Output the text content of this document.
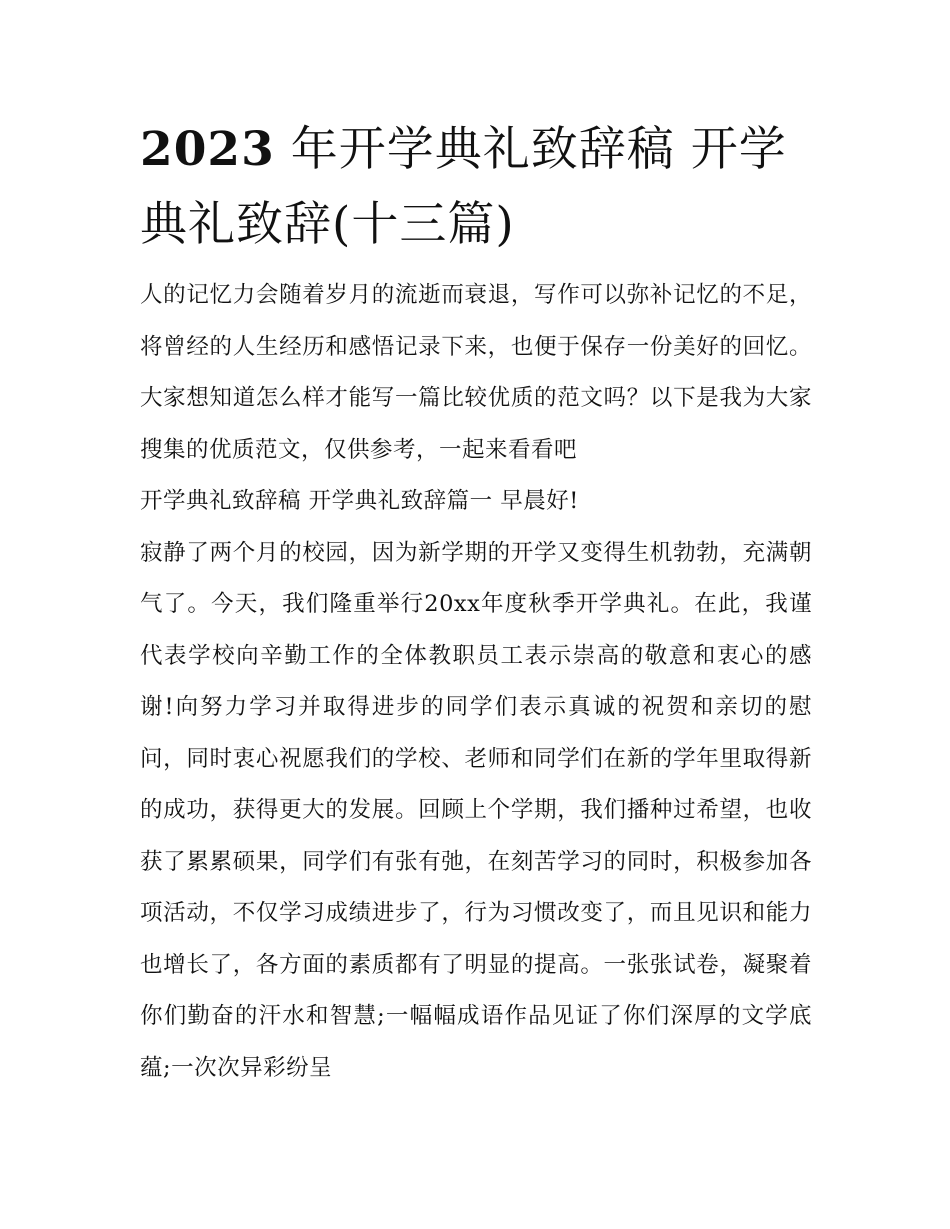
2023 年开学典礼致辞稿 开学典礼致辞(十三篇)

人的记忆力会随着岁月的流逝而衰退，写作可以弥补记忆的不足，将曾经的人生经历和感悟记录下来，也便于保存一份美好的回忆。大家想知道怎么样才能写一篇比较优质的范文吗？以下是我为大家搜集的优质范文，仅供参考，一起来看看吧

开学典礼致辞稿 开学典礼致辞篇一 早晨好!

寂静了两个月的校园，因为新学期的开学又变得生机勃勃，充满朝气了。今天，我们隆重举行20xx年度秋季开学典礼。在此，我谨代表学校向辛勤工作的全体教职员工表示崇高的敬意和衷心的感谢!向努力学习并取得进步的同学们表示真诚的祝贺和亲切的慰问，同时衷心祝愿我们的学校、老师和同学们在新的学年里取得新的成功，获得更大的发展。回顾上个学期，我们播种过希望，也收获了累累硕果，同学们有张有弛，在刻苦学习的同时，积极参加各项活动，不仅学习成绩进步了，行为习惯改变了，而且见识和能力也增长了，各方面的素质都有了明显的提高。一张张试卷，凝聚着你们勤奋的汗水和智慧;一幅幅成语作品见证了你们深厚的文学底蕴;一次次异彩纷呈
